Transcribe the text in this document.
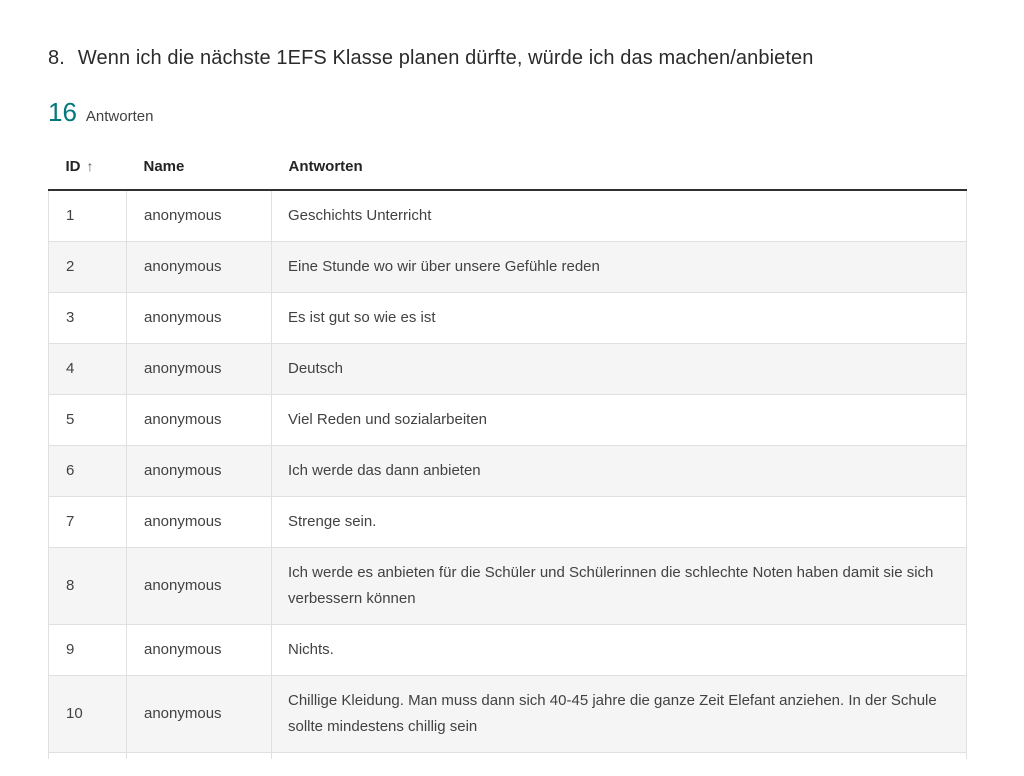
8. Wenn ich die nächste 1EFS Klasse planen dürfte, würde ich das machen/anbieten
16 Antworten
ID ↑	Name	Antworten
1	anonymous	Geschichts Unterricht
2	anonymous	Eine Stunde wo wir über unsere Gefühle reden
3	anonymous	Es ist gut so wie es ist
4	anonymous	Deutsch
5	anonymous	Viel Reden und sozialarbeiten
6	anonymous	Ich werde das dann anbieten
7	anonymous	Strenge sein.
8	anonymous	Ich werde es anbieten für die Schüler und Schülerinnen die schlechte Noten haben damit sie sich verbessern können
9	anonymous	Nichts.
10	anonymous	Chillige Kleidung. Man muss dann sich 40-45 jahre die ganze Zeit Elefant anziehen. In der Schule sollte mindestens chillig sein
